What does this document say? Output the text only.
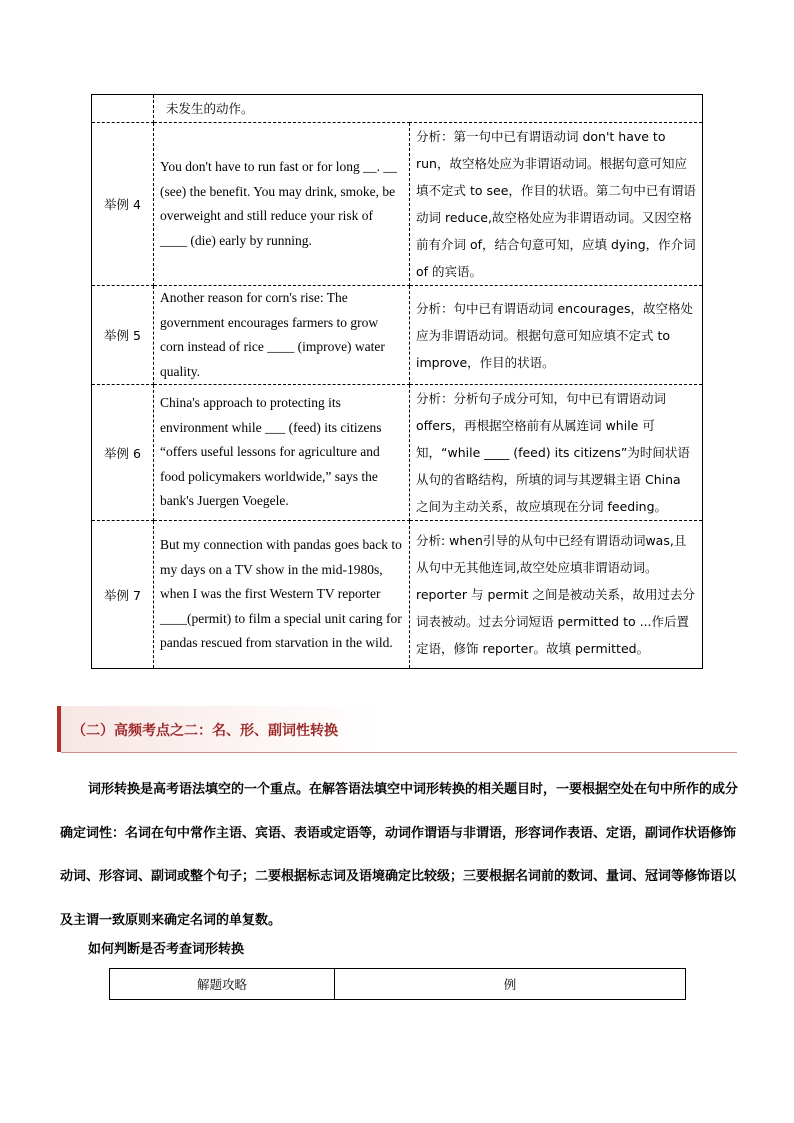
	未发生的动作。	

举例 4	You don't have to run fast or for long __. __ (see) the benefit. You may drink, smoke, be overweight and still reduce your risk of ____ (die) early by running.	分析：第一句中已有谓语动词 don't have to run，故空格处应为非谓语动词。根据句意可知应填不定式 to see，作目的状语。第二句中已有谓语动词 reduce,故空格处应为非谓语动词。又因空格前有介词 of，结合句意可知，应填 dying，作介词 of 的宾语。

举例 5	Another reason for corn's rise: The government encourages farmers to grow corn instead of rice ____ (improve) water quality.	分析：句中已有谓语动词 encourages，故空格处应为非谓语动词。根据句意可知应填不定式 to improve，作目的状语。

举例 6	China's approach to protecting its environment while ___ (feed) its citizens “offers useful lessons for agriculture and food policymakers worldwide,” says the bank's Juergen Voegele.	分析：分析句子成分可知，句中已有谓语动词 offers，再根据空格前有从属连词 while 可知，“while ____ (feed) its citizens”为时间状语从句的省略结构，所填的词与其逻辑主语 China 之间为主动关系，故应填现在分词 feeding。

举例 7	But my connection with pandas goes back to my days on a TV show in the mid-1980s, when I was the first Western TV reporter ____(permit) to film a special unit caring for pandas rescued from starvation in the wild.	分析: when引导的从句中已经有谓语动词was,且从句中无其他连词,故空处应填非谓语动词。reporter 与 permit 之间是被动关系，故用过去分词表被动。过去分词短语 permitted to ...作后置定语，修饰 reporter。故填 permitted。
（二）高频考点之二：名、形、副词性转换
词形转换是高考语法填空的一个重点。在解答语法填空中词形转换的相关题目时，一要根据空处在句中所作的成分确定词性：名词在句中常作主语、宾语、表语或定语等，动词作谓语与非谓语，形容词作表语、定语，副词作状语修饰动词、形容词、副词或整个句子；二要根据标志词及语境确定比较级；三要根据名词前的数词、量词、冠词等修饰语以及主谓一致原则来确定名词的单复数。
如何判断是否考查词形转换
解题攻略	例
